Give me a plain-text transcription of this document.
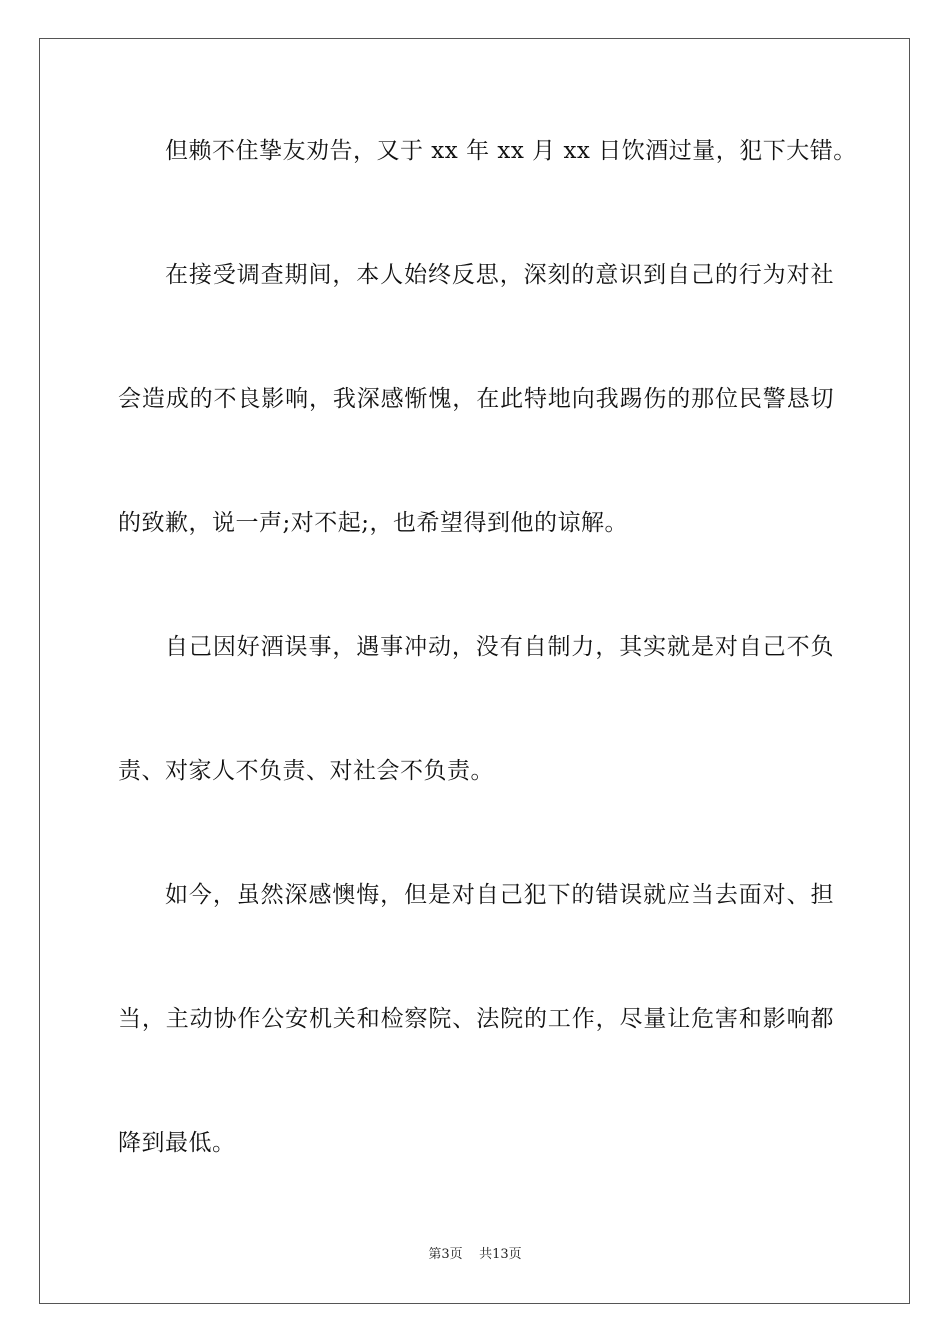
但赖不住挚友劝告，又于 xx 年 xx 月 xx 日饮酒过量，犯下大错。
在接受调查期间，本人始终反思，深刻的意识到自己的行为对社
会造成的不良影响，我深感惭愧，在此特地向我踢伤的那位民警恳切
的致歉，说一声;对不起;，也希望得到他的谅解。
自己因好酒误事，遇事冲动，没有自制力，其实就是对自己不负
责、对家人不负责、对社会不负责。
如今，虽然深感懊悔，但是对自己犯下的错误就应当去面对、担
当，主动协作公安机关和检察院、法院的工作，尽量让危害和影响都
降到最低。
第3页 共13页
